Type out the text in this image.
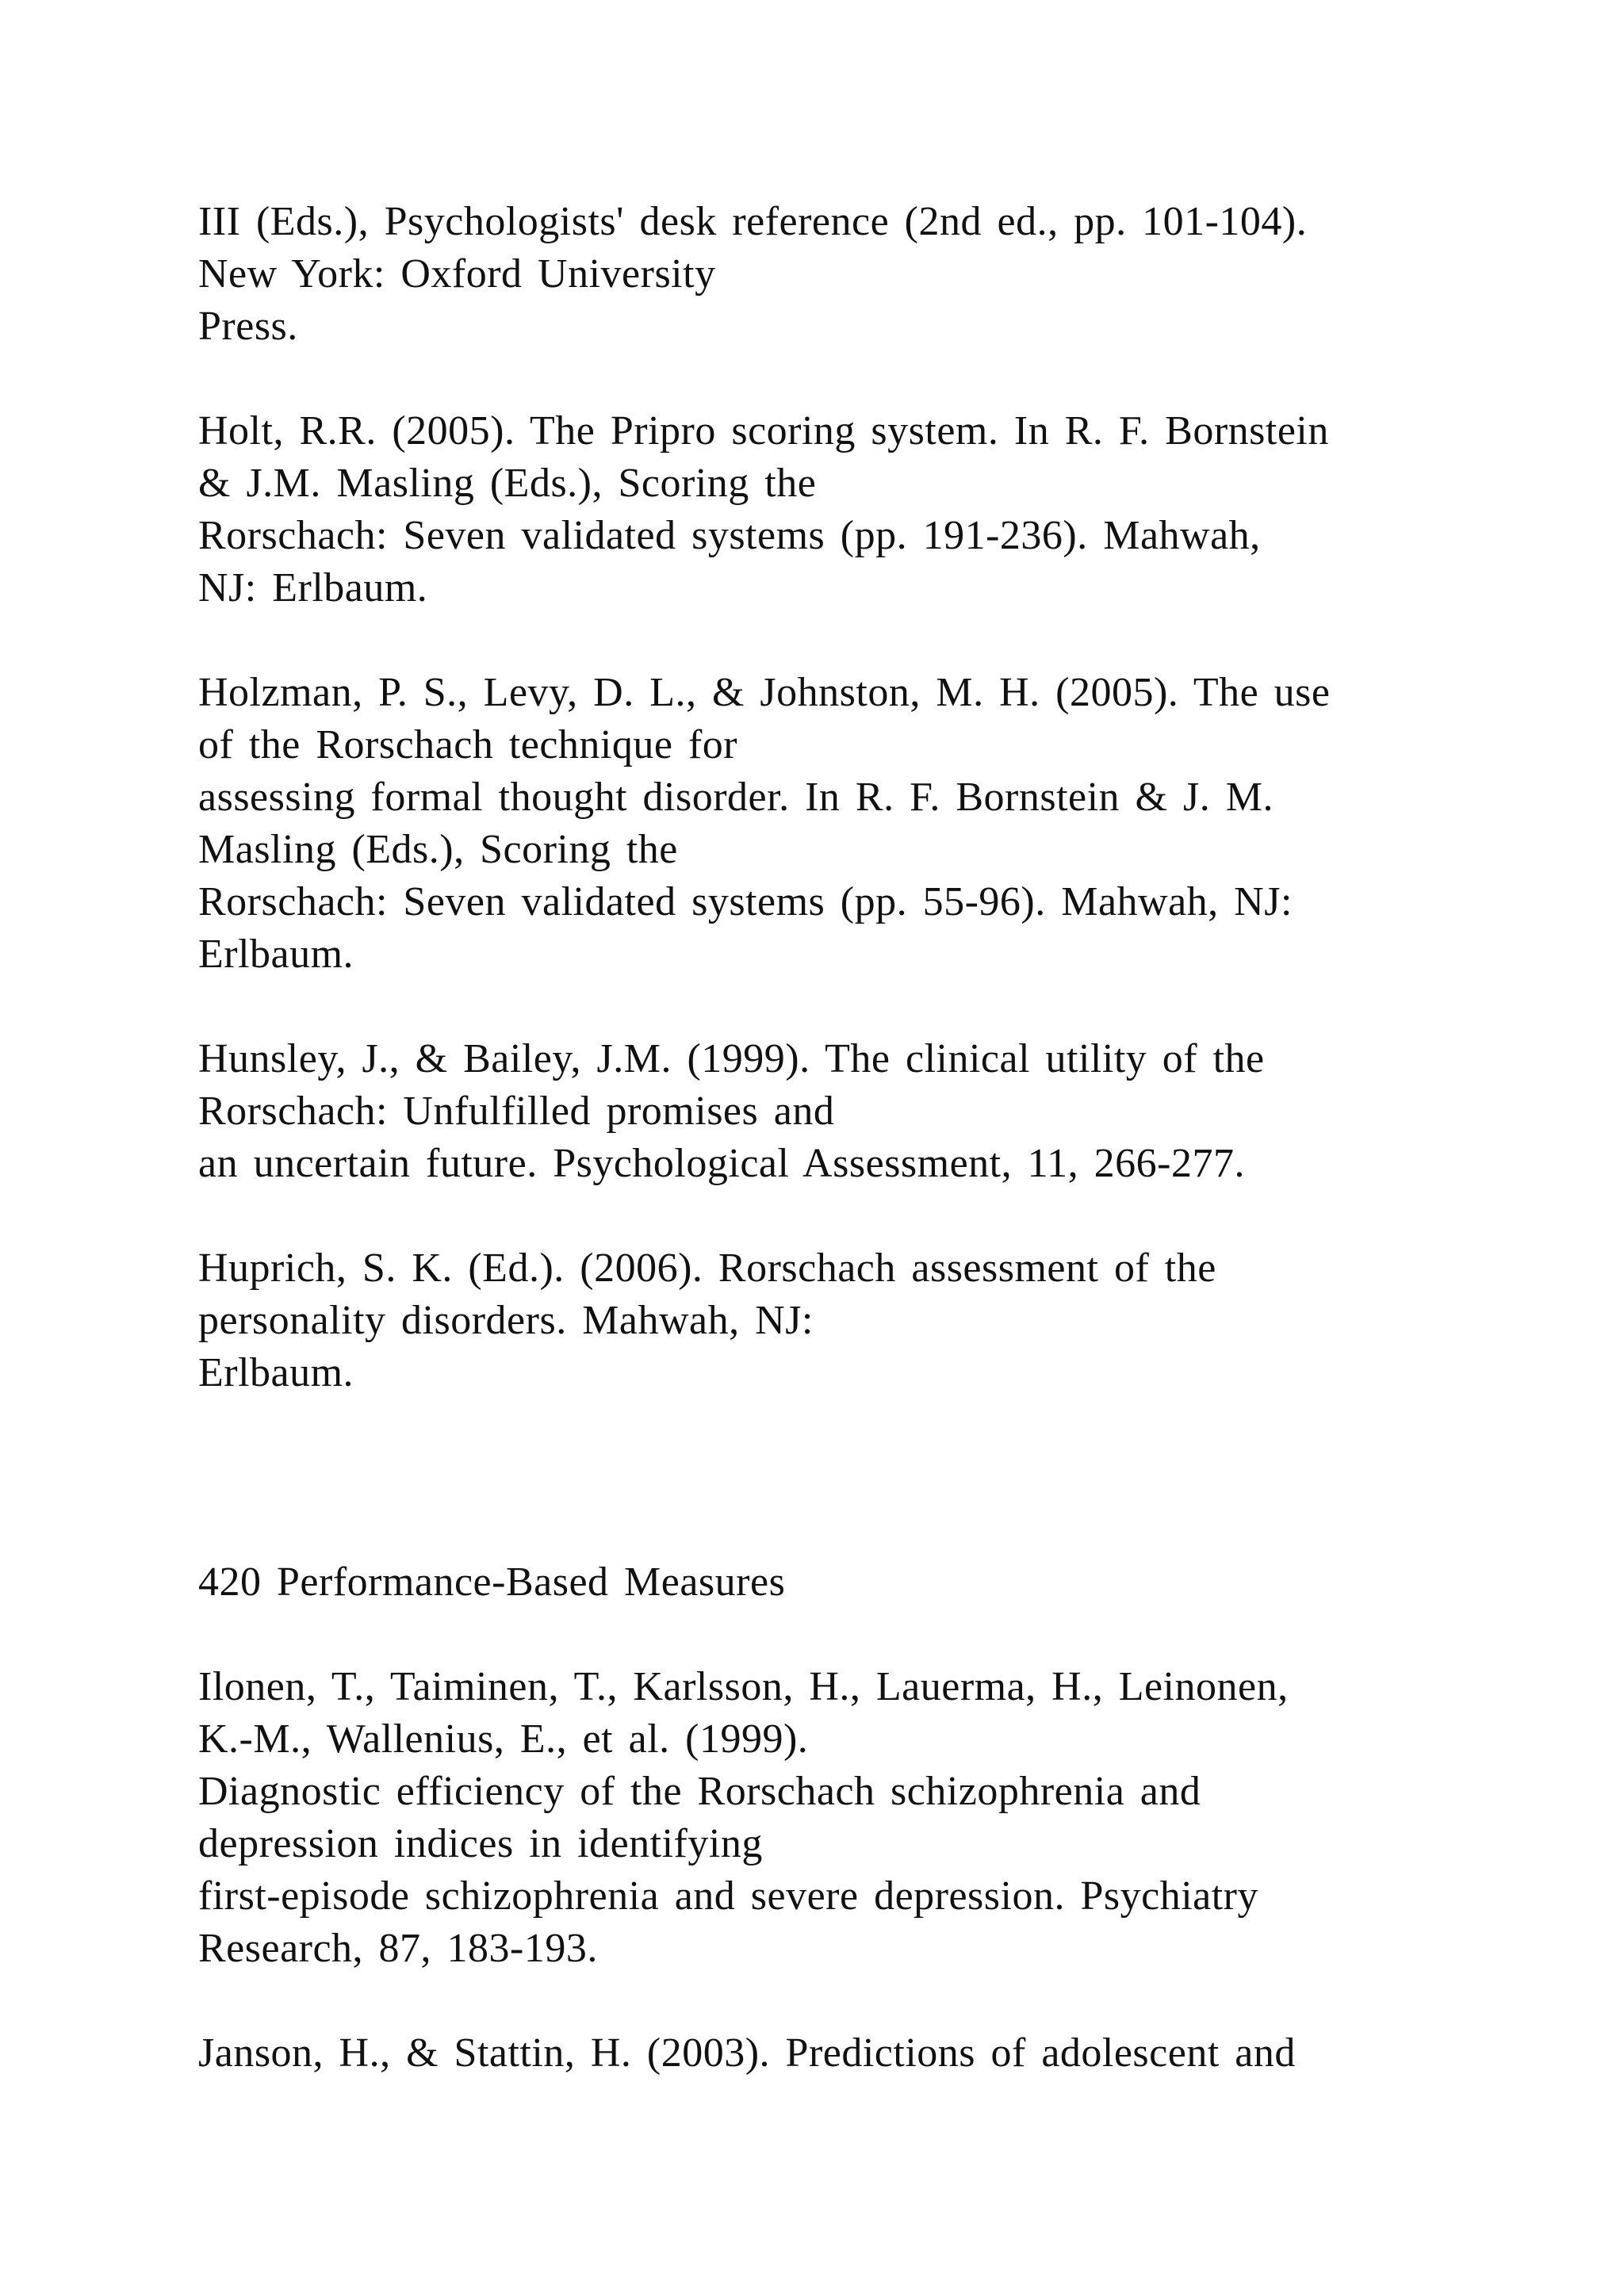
III (Eds.), Psychologists' desk reference (2nd ed., pp. 101-104).
New York: Oxford University
Press.
Holt, R.R. (2005). The Pripro scoring system. In R. F. Bornstein
& J.M. Masling (Eds.), Scoring the
Rorschach: Seven validated systems (pp. 191-236). Mahwah,
NJ: Erlbaum.
Holzman, P. S., Levy, D. L., & Johnston, M. H. (2005). The use
of the Rorschach technique for
assessing formal thought disorder. In R. F. Bornstein & J. M.
Masling (Eds.), Scoring the
Rorschach: Seven validated systems (pp. 55-96). Mahwah, NJ:
Erlbaum.
Hunsley, J., & Bailey, J.M. (1999). The clinical utility of the
Rorschach: Unfulfilled promises and
an uncertain future. Psychological Assessment, 11, 266-277.
Huprich, S. K. (Ed.). (2006). Rorschach assessment of the
personality disorders. Mahwah, NJ:
Erlbaum.
420 Performance-Based Measures
Ilonen, T., Taiminen, T., Karlsson, H., Lauerma, H., Leinonen,
K.-M., Wallenius, E., et al. (1999).
Diagnostic efficiency of the Rorschach schizophrenia and
depression indices in identifying
first-episode schizophrenia and severe depression. Psychiatry
Research, 87, 183-193.
Janson, H., & Stattin, H. (2003). Predictions of adolescent and
